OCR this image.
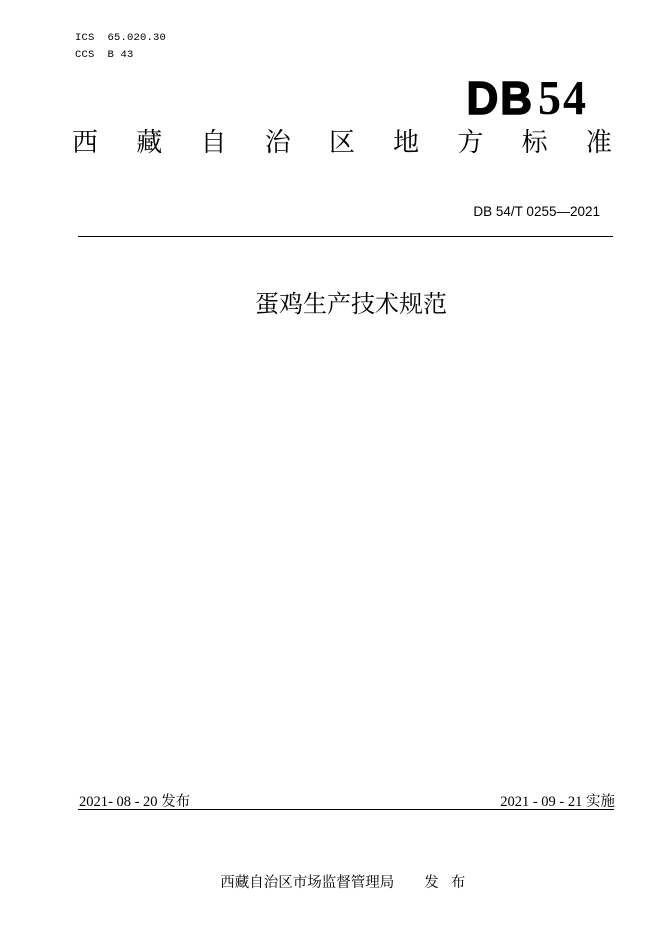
ICS  65.020.30
CCS  B 43
DB54
西 藏 自 治 区 地 方 标 准
DB 54/T 0255—2021
蛋鸡生产技术规范
2021- 08 - 20 发布	2021 - 09 - 21 实施

西藏自治区市场监督管理局 发布
